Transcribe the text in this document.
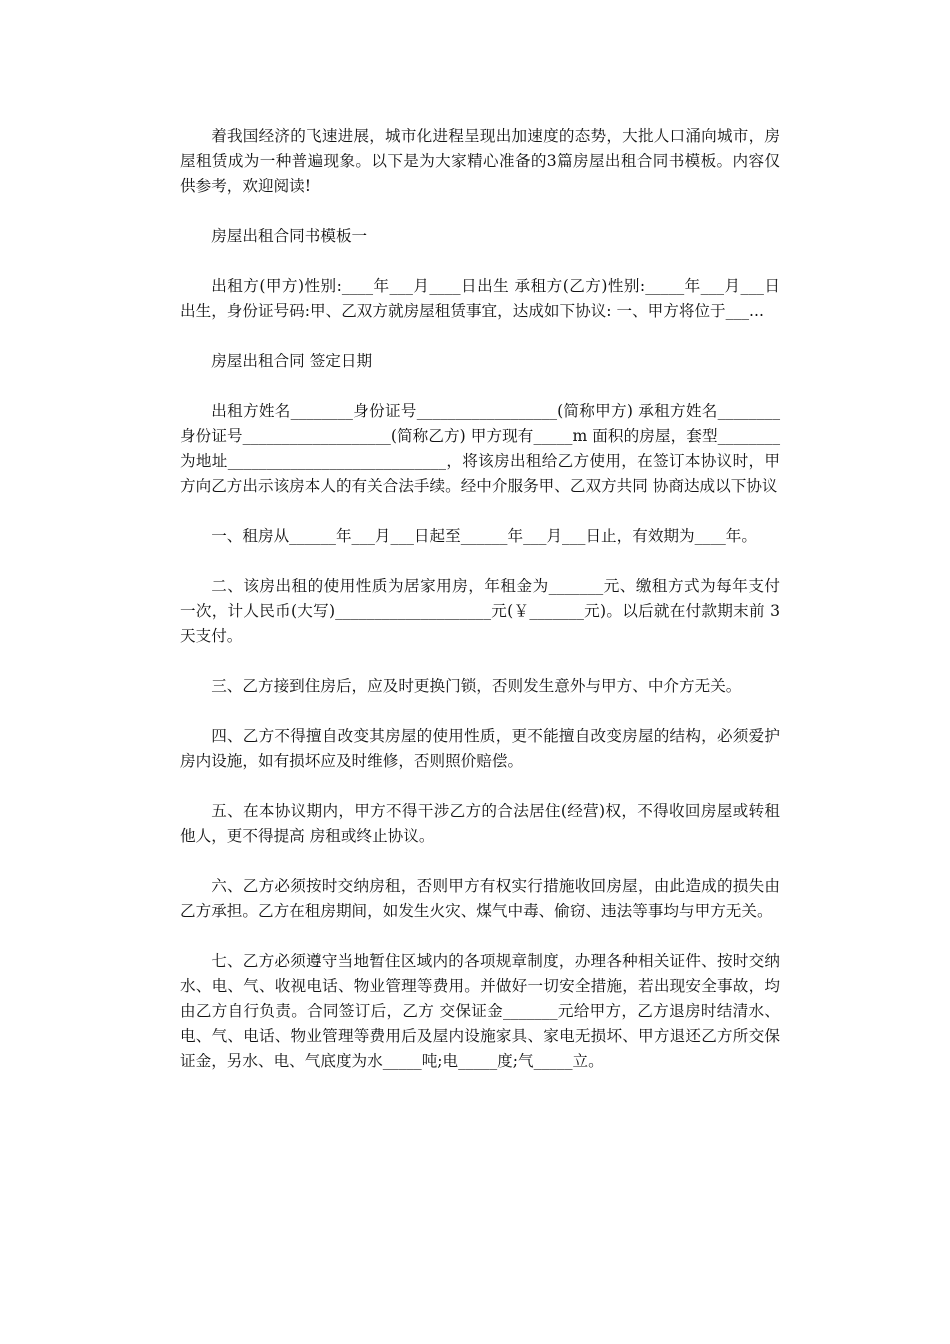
着我国经济的飞速进展，城市化进程呈现出加速度的态势，大批人口涌向城市，房屋租赁成为一种普遍现象。以下是为大家精心准备的3篇房屋出租合同书模板。内容仅供参考，欢迎阅读!

房屋出租合同书模板一

出租方(甲方)性别:____年___月____日出生 承租方(乙方)性别:_____年___月___日出生，身份证号码:甲、乙双方就房屋租赁事宜，达成如下协议: 一、甲方将位于___...

房屋出租合同 签定日期

出租方姓名________身份证号__________________(简称甲方) 承租方姓名________身份证号___________________(简称乙方) 甲方现有_____m 面积的房屋，套型________为地址____________________________，将该房出租给乙方使用，在签订本协议时，甲方向乙方出示该房本人的有关合法手续。经中介服务甲、乙双方共同 协商达成以下协议

一、租房从______年___月___日起至______年___月___日止，有效期为____年。

二、该房出租的使用性质为居家用房，年租金为_______元、缴租方式为每年支付一次，计人民币(大写)____________________元(￥_______元)。以后就在付款期末前 3 天支付。

三、乙方接到住房后，应及时更换门锁，否则发生意外与甲方、中介方无关。

四、乙方不得擅自改变其房屋的使用性质，更不能擅自改变房屋的结构，必须爱护房内设施，如有损坏应及时维修，否则照价赔偿。

五、在本协议期内，甲方不得干涉乙方的合法居住(经营)权，不得收回房屋或转租他人，更不得提高 房租或终止协议。

六、乙方必须按时交纳房租，否则甲方有权实行措施收回房屋，由此造成的损失由乙方承担。乙方在租房期间，如发生火灾、煤气中毒、偷窃、违法等事均与甲方无关。

七、乙方必须遵守当地暂住区域内的各项规章制度，办理各种相关证件、按时交纳水、电、气、收视电话、物业管理等费用。并做好一切安全措施，若出现安全事故，均由乙方自行负责。合同签订后，乙方 交保证金_______元给甲方，乙方退房时结清水、电、气、电话、物业管理等费用后及屋内设施家具、家电无损坏、甲方退还乙方所交保证金，另水、电、气底度为水_____吨;电_____度;气_____立。
